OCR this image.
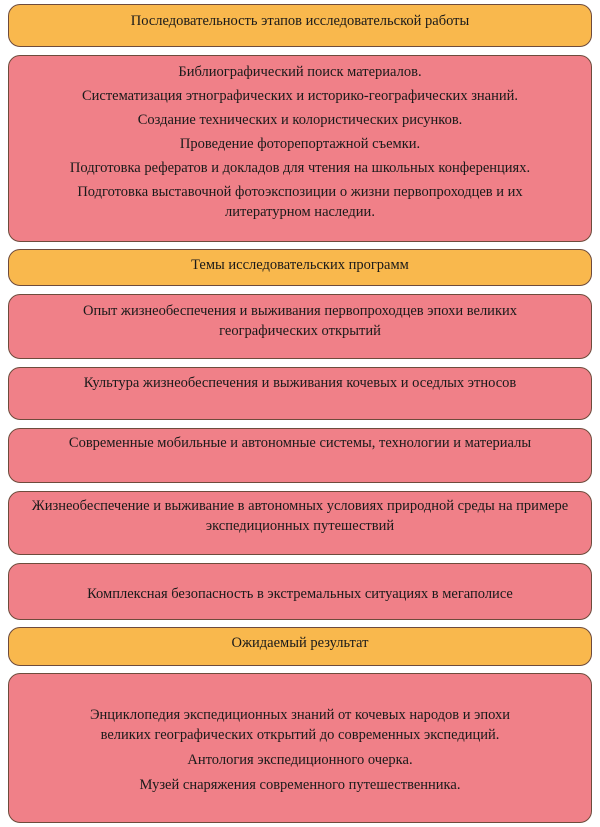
Последовательность этапов исследовательской работы

Библиографический поиск материалов.

Систематизация этнографических и историко-географических знаний.

Создание технических и колористических рисунков.

Проведение фоторепортажной съемки.

Подготовка рефератов и докладов для чтения на школьных конференциях.

Подготовка выставочной фотоэкспозиции о жизни первопроходцев и их литературном наследии.

Темы исследовательских программ

Опыт жизнеобеспечения и выживания первопроходцев эпохи великих географических открытий

Культура жизнеобеспечения и выживания кочевых и оседлых этносов

Современные мобильные и автономные системы, технологии и материалы

Жизнеобеспечение и выживание в автономных условиях природной среды на примере экспедиционных путешествий

Комплексная безопасность в экстремальных ситуациях в мегаполисе

Ожидаемый результат

Энциклопедия экспедиционных знаний от кочевых народов и эпохи великих географических открытий до современных экспедиций.

Антология экспедиционного очерка.

Музей снаряжения современного путешественника.
